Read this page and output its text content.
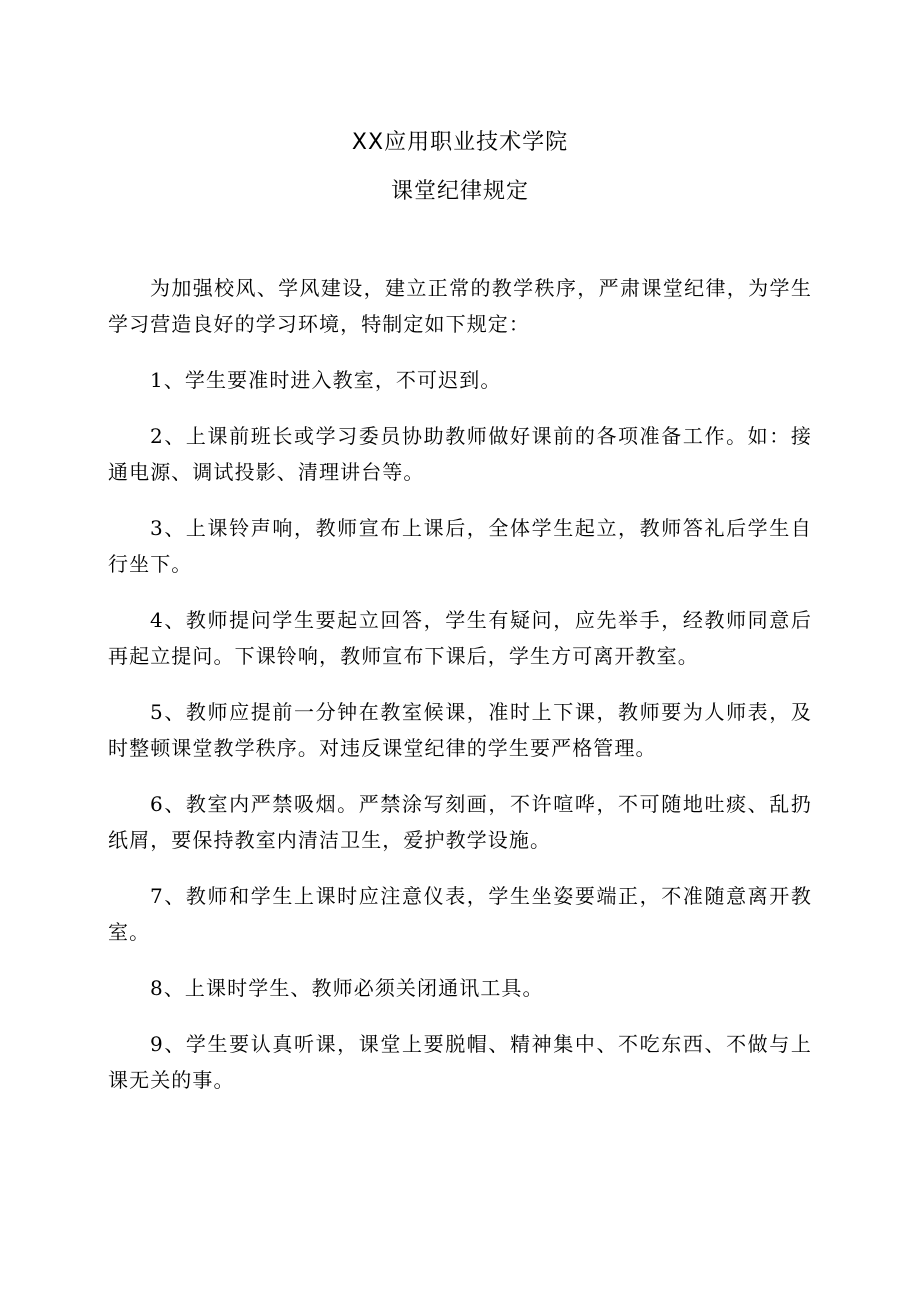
XX应用职业技术学院
课堂纪律规定

为加强校风、学风建设，建立正常的教学秩序，严肃课堂纪律，为学生学习营造良好的学习环境，特制定如下规定：

1、学生要准时进入教室，不可迟到。

2、上课前班长或学习委员协助教师做好课前的各项准备工作。如：接通电源、调试投影、清理讲台等。

3、上课铃声响，教师宣布上课后，全体学生起立，教师答礼后学生自行坐下。

4、教师提问学生要起立回答，学生有疑问，应先举手，经教师同意后再起立提问。下课铃响，教师宣布下课后，学生方可离开教室。

5、教师应提前一分钟在教室候课，准时上下课，教师要为人师表，及时整顿课堂教学秩序。对违反课堂纪律的学生要严格管理。

6、教室内严禁吸烟。严禁涂写刻画，不许喧哗，不可随地吐痰、乱扔纸屑，要保持教室内清洁卫生，爱护教学设施。

7、教师和学生上课时应注意仪表，学生坐姿要端正，不准随意离开教室。

8、上课时学生、教师必须关闭通讯工具。

9、学生要认真听课，课堂上要脱帽、精神集中、不吃东西、不做与上课无关的事。
